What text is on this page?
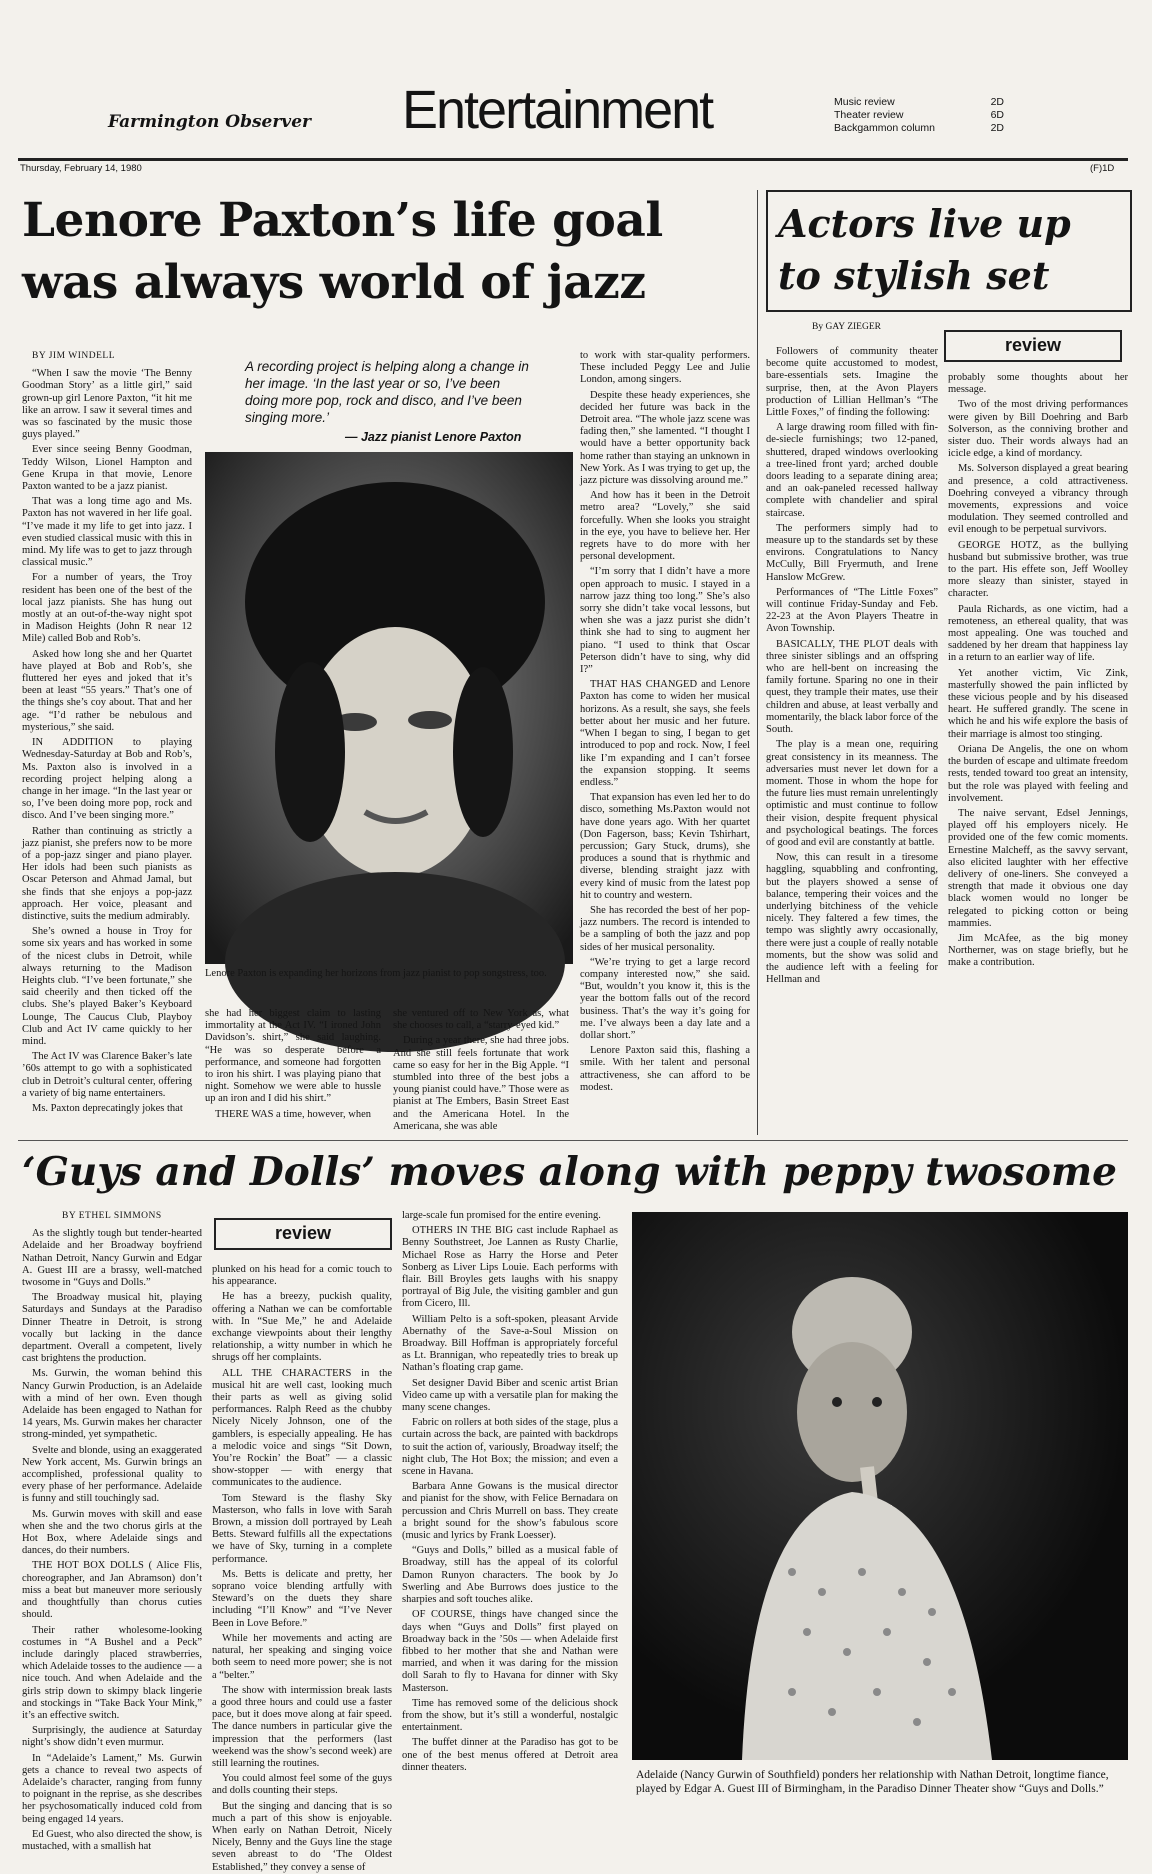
Farmington Observer Entertainment	Music review	2D
Theater review	6D
Backgammon column	2D
Thursday, February 14, 1980	(F)1D
Lenore Paxton’s life goal
was always world of jazz
BY JIM WINDELL

“When I saw the movie ‘The Benny Goodman Story’ as a little girl,” said grown-up girl Lenore Paxton, “it hit me like an arrow. I saw it several times and was so fascinated by the music those guys played.”

Ever since seeing Benny Goodman, Teddy Wilson, Lionel Hampton and Gene Krupa in that movie, Lenore Paxton wanted to be a jazz pianist.

That was a long time ago and Ms. Paxton has not wavered in her life goal. “I’ve made it my life to get into jazz. I even studied classical music with this in mind. My life was to get to jazz through classical music.”

For a number of years, the Troy resident has been one of the best of the local jazz pianists. She has hung out mostly at an out-of-the-way night spot in Madison Heights (John R near 12 Mile) called Bob and Rob’s.

Asked how long she and her Quartet have played at Bob and Rob’s, she fluttered her eyes and joked that it’s been at least “55 years.” That’s one of the things she’s coy about. That and her age. “I’d rather be nebulous and mysterious,” she said.

IN ADDITION to playing Wednesday-Saturday at Bob and Rob’s, Ms. Paxton also is involved in a recording project helping along a change in her image. “In the last year or so, I’ve been doing more pop, rock and disco. And I’ve been singing more.”

Rather than continuing as strictly a jazz pianist, she prefers now to be more of a pop-jazz singer and piano player. Her idols had been such pianists as Oscar Peterson and Ahmad Jamal, but she finds that she enjoys a pop-jazz approach. Her voice, pleasant and distinctive, suits the medium admirably.

She’s owned a house in Troy for some six years and has worked in some of the nicest clubs in Detroit, while always returning to the Madison Heights club. “I’ve been fortunate,” she said cheerily and then ticked off the clubs. She’s played Baker’s Keyboard Lounge, The Caucus Club, Playboy Club and Act IV came quickly to her mind.

The Act IV was Clarence Baker’s late ’60s attempt to go with a sophisticated club in Detroit’s cultural center, offering a variety of big name entertainers.

Ms. Paxton deprecatingly jokes that

A recording project is helping along a change in her image. ‘In the last year or so, I’ve been doing more pop, rock and disco, and I’ve been singing more.’
— Jazz pianist Lenore Paxton
Lenore Paxton is expanding her horizons from jazz pianist to pop songstress, too.

she had her biggest claim to lasting immortality at the Act IV. “I ironed John Davidson’s. shirt,” she said laughing. “He was so desperate before a performance, and someone had forgotten to iron his shirt. I was playing piano that night. Somehow we were able to hussle up an iron and I did his shirt.”

THERE WAS a time, however, when

she ventured off to New York as, what she chooses to call, a “starry-eyed kid.”

During a year there, she had three jobs. And she still feels fortunate that work came so easy for her in the Big Apple. “I stumbled into three of the best jobs a young pianist could have.” Those were as pianist at The Embers, Basin Street East and the Americana Hotel. In the Americana, she was able

to work with star-quality performers. These included Peggy Lee and Julie London, among singers.

Despite these heady experiences, she decided her future was back in the Detroit area. “The whole jazz scene was fading then,” she lamented. “I thought I would have a better opportunity back home rather than staying an unknown in New York. As I was trying to get up, the jazz picture was dissolving around me.”

And how has it been in the Detroit metro area? “Lovely,” she said forcefully. When she looks you straight in the eye, you have to believe her. Her regrets have to do more with her personal development.

“I’m sorry that I didn’t have a more open approach to music. I stayed in a narrow jazz thing too long.” She’s also sorry she didn’t take vocal lessons, but when she was a jazz purist she didn’t think she had to sing to augment her piano. “I used to think that Oscar Peterson didn’t have to sing, why did I?”

THAT HAS CHANGED and Lenore Paxton has come to widen her musical horizons. As a result, she says, she feels better about her music and her future. “When I began to sing, I began to get introduced to pop and rock. Now, I feel like I’m expanding and I can’t forsee the expansion stopping. It seems endless.”

That expansion has even led her to do disco, something Ms.Paxton would not have done years ago. With her quartet (Don Fagerson, bass; Kevin Tshirhart, percussion; Gary Stuck, drums), she produces a sound that is rhythmic and diverse, blending straight jazz with every kind of music from the latest pop hit to country and western.

She has recorded the best of her pop-jazz numbers. The record is intended to be a sampling of both the jazz and pop sides of her musical personality.

“We’re trying to get a large record company interested now,” she said. “But, wouldn’t you know it, this is the year the bottom falls out of the record business. That’s the way it’s going for me. I’ve always been a day late and a dollar short.”

Lenore Paxton said this, flashing a smile. With her talent and personal attractiveness, she can afford to be modest.

Actors live up
to stylish set
By GAY ZIEGER
review

Followers of community theater become quite accustomed to modest, bare-essentials sets. Imagine the surprise, then, at the Avon Players production of Lillian Hellman’s “The Little Foxes,” of finding the following:

A large drawing room filled with fin-de-siecle furnishings; two 12-paned, shuttered, draped windows overlooking a tree-lined front yard; arched double doors leading to a separate dining area; and an oak-paneled recessed hallway complete with chandelier and spiral staircase.

The performers simply had to measure up to the standards set by these environs. Congratulations to Nancy McCully, Bill Fryermuth, and Irene Hanslow McGrew.

Performances of “The Little Foxes” will continue Friday-Sunday and Feb. 22-23 at the Avon Players Theatre in Avon Township.

BASICALLY, THE PLOT deals with three sinister siblings and an offspring who are hell-bent on increasing the family fortune. Sparing no one in their quest, they trample their mates, use their children and abuse, at least verbally and momentarily, the black labor force of the South.

The play is a mean one, requiring great consistency in its meanness. The adversaries must never let down for a moment. Those in whom the hope for the future lies must remain unrelentingly optimistic and must continue to follow their vision, despite frequent physical and psychological beatings. The forces of good and evil are constantly at battle.

Now, this can result in a tiresome haggling, squabbling and confronting, but the players showed a sense of balance, tempering their voices and the underlying bitchiness of the vehicle nicely. They faltered a few times, the tempo was slightly awry occasionally, there were just a couple of really notable moments, but the show was solid and the audience left with a feeling for Hellman and

probably some thoughts about her message.

Two of the most driving performances were given by Bill Doehring and Barb Solverson, as the conniving brother and sister duo. Their words always had an icicle edge, a kind of mordancy.

Ms. Solverson displayed a great bearing and presence, a cold attractiveness. Doehring conveyed a vibrancy through movements, expressions and voice modulation. They seemed controlled and evil enough to be perpetual survivors.

GEORGE HOTZ, as the bullying husband but submissive brother, was true to the part. His effete son, Jeff Woolley more sleazy than sinister, stayed in character.

Paula Richards, as one victim, had a remoteness, an ethereal quality, that was most appealing. One was touched and saddened by her dream that happiness lay in a return to an earlier way of life.

Yet another victim, Vic Zink, masterfully showed the pain inflicted by these vicious people and by his diseased heart. He suffered grandly. The scene in which he and his wife explore the basis of their marriage is almost too stinging.

Oriana De Angelis, the one on whom the burden of escape and ultimate freedom rests, tended toward too great an intensity, but the role was played with feeling and involvement.

The naive servant, Edsel Jennings, played off his employers nicely. He provided one of the few comic moments. Ernestine Malcheff, as the savvy servant, also elicited laughter with her effective delivery of one-liners. She conveyed a strength that made it obvious one day black women would no longer be relegated to picking cotton or being mammies.

Jim McAfee, as the big money Northerner, was on stage briefly, but he make a contribution.

‘Guys and Dolls’ moves along with peppy twosome
BY ETHEL SIMMONS

As the slightly tough but tender-hearted Adelaide and her Broadway boyfriend Nathan Detroit, Nancy Gurwin and Edgar A. Guest III are a brassy, well-matched twosome in “Guys and Dolls.”

The Broadway musical hit, playing Saturdays and Sundays at the Paradiso Dinner Theatre in Detroit, is strong vocally but lacking in the dance department. Overall a competent, lively cast brightens the production.

Ms. Gurwin, the woman behind this Nancy Gurwin Production, is an Adelaide with a mind of her own. Even though Adelaide has been engaged to Nathan for 14 years, Ms. Gurwin makes her character strong-minded, yet sympathetic.

Svelte and blonde, using an exaggerated New York accent, Ms. Gurwin brings an accomplished, professional quality to every phase of her performance. Adelaide is funny and still touchingly sad.

Ms. Gurwin moves with skill and ease when she and the two chorus girls at the Hot Box, where Adelaide sings and dances, do their numbers.

THE HOT BOX DOLLS ( Alice Flis, choreographer, and Jan Abramson) don’t miss a beat but maneuver more seriously and thoughtfully than chorus cuties should.

Their rather wholesome-looking costumes in “A Bushel and a Peck” include daringly placed strawberries, which Adelaide tosses to the audience — a nice touch. And when Adelaide and the girls strip down to skimpy black lingerie and stockings in “Take Back Your Mink,” it’s an effective switch.

Surprisingly, the audience at Saturday night’s show didn’t even murmur.

In “Adelaide’s Lament,” Ms. Gurwin gets a chance to reveal two aspects of Adelaide’s character, ranging from funny to poignant in the reprise, as she describes her psychosomatically induced cold from being engaged 14 years.

Ed Guest, who also directed the show, is mustached, with a smallish hat

review

plunked on his head for a comic touch to his appearance.

He has a breezy, puckish quality, offering a Nathan we can be comfortable with. In “Sue Me,” he and Adelaide exchange viewpoints about their lengthy relationship, a witty number in which he shrugs off her complaints.

ALL THE CHARACTERS in the musical hit are well cast, looking much their parts as well as giving solid performances. Ralph Reed as the chubby Nicely Nicely Johnson, one of the gamblers, is especially appealing. He has a melodic voice and sings “Sit Down, You’re Rockin’ the Boat” — a classic show-stopper — with energy that communicates to the audience.

Tom Steward is the flashy Sky Masterson, who falls in love with Sarah Brown, a mission doll portrayed by Leah Betts. Steward fulfills all the expectations we have of Sky, turning in a complete performance.

Ms. Betts is delicate and pretty, her soprano voice blending artfully with Steward’s on the duets they share including “I’ll Know” and “I’ve Never Been in Love Before.”

While her movements and acting are natural, her speaking and singing voice both seem to need more power; she is not a “belter.”

The show with intermission break lasts a good three hours and could use a faster pace, but it does move along at fair speed. The dance numbers in particular give the impression that the performers (last weekend was the show’s second week) are still learning the routines.

You could almost feel some of the guys and dolls counting their steps.

But the singing and dancing that is so much a part of this show is enjoyable. When early on Nathan Detroit, Nicely Nicely, Benny and the Guys line the stage seven abreast to do ‘The Oldest Established,” they convey a sense of

large-scale fun promised for the entire evening.

OTHERS IN THE BIG cast include Raphael as Benny Southstreet, Joe Lannen as Rusty Charlie, Michael Rose as Harry the Horse and Peter Sonberg as Liver Lips Louie. Each performs with flair. Bill Broyles gets laughs with his snappy portrayal of Big Jule, the visiting gambler and gun from Cicero, Ill.

William Pelto is a soft-spoken, pleasant Arvide Abernathy of the Save-a-Soul Mission on Broadway. Bill Hoffman is appropriately forceful as Lt. Brannigan, who repeatedly tries to break up Nathan’s floating crap game.

Set designer David Biber and scenic artist Brian Video came up with a versatile plan for making the many scene changes.

Fabric on rollers at both sides of the stage, plus a curtain across the back, are painted with backdrops to suit the action of, variously, Broadway itself; the night club, The Hot Box; the mission; and even a scene in Havana.

Barbara Anne Gowans is the musical director and pianist for the show, with Felice Bernadara on percussion and Chris Murrell on bass. They create a bright sound for the show’s fabulous score (music and lyrics by Frank Loesser).

“Guys and Dolls,” billed as a musical fable of Broadway, still has the appeal of its colorful Damon Runyon characters. The book by Jo Swerling and Abe Burrows does justice to the sharpies and soft touches alike.

OF COURSE, things have changed since the days when “Guys and Dolls” first played on Broadway back in the ’50s — when Adelaide first fibbed to her mother that she and Nathan were married, and when it was daring for the mission doll Sarah to fly to Havana for dinner with Sky Masterson.

Time has removed some of the delicious shock from the show, but it’s still a wonderful, nostalgic entertainment.

The buffet dinner at the Paradiso has got to be one of the best menus offered at Detroit area dinner theaters.

Adelaide (Nancy Gurwin of Southfield) ponders her relationship with Nathan Detroit, longtime fiance, played by Edgar A. Guest III of Birmingham, in the Paradiso Dinner Theater show “Guys and Dolls.”
